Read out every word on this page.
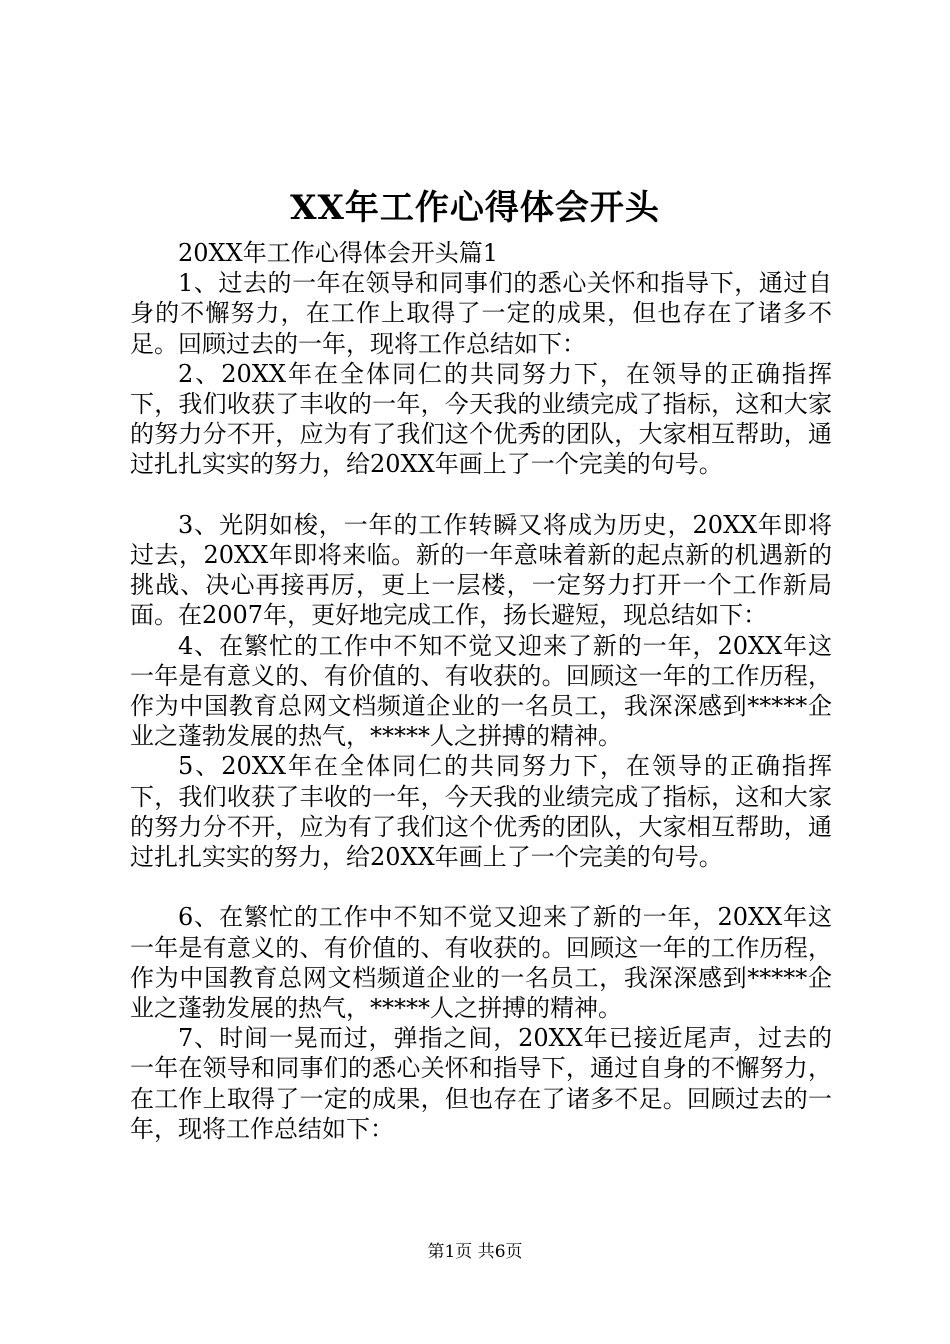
XX年工作心得体会开头

20XX年工作心得体会开头篇1

1、过去的一年在领导和同事们的悉心关怀和指导下，通过自身的不懈努力，在工作上取得了一定的成果，但也存在了诸多不足。回顾过去的一年，现将工作总结如下：

2、20XX年在全体同仁的共同努力下，在领导的正确指挥下，我们收获了丰收的一年，今天我的业绩完成了指标，这和大家的努力分不开，应为有了我们这个优秀的团队，大家相互帮助，通过扎扎实实的努力，给20XX年画上了一个完美的句号。

3、光阴如梭，一年的工作转瞬又将成为历史，20XX年即将过去，20XX年即将来临。新的一年意味着新的起点新的机遇新的挑战、决心再接再厉，更上一层楼，一定努力打开一个工作新局面。在2007年，更好地完成工作，扬长避短，现总结如下：

4、在繁忙的工作中不知不觉又迎来了新的一年，20XX年这一年是有意义的、有价值的、有收获的。回顾这一年的工作历程，作为中国教育总网文档频道企业的一名员工，我深深感到*****企业之蓬勃发展的热气，*****人之拼搏的精神。

5、20XX年在全体同仁的共同努力下，在领导的正确指挥下，我们收获了丰收的一年，今天我的业绩完成了指标，这和大家的努力分不开，应为有了我们这个优秀的团队，大家相互帮助，通过扎扎实实的努力，给20XX年画上了一个完美的句号。

6、在繁忙的工作中不知不觉又迎来了新的一年，20XX年这一年是有意义的、有价值的、有收获的。回顾这一年的工作历程，作为中国教育总网文档频道企业的一名员工，我深深感到*****企业之蓬勃发展的热气，*****人之拼搏的精神。

7、时间一晃而过，弹指之间，20XX年已接近尾声，过去的一年在领导和同事们的悉心关怀和指导下，通过自身的不懈努力，在工作上取得了一定的成果，但也存在了诸多不足。回顾过去的一年，现将工作总结如下：

第1页 共6页
